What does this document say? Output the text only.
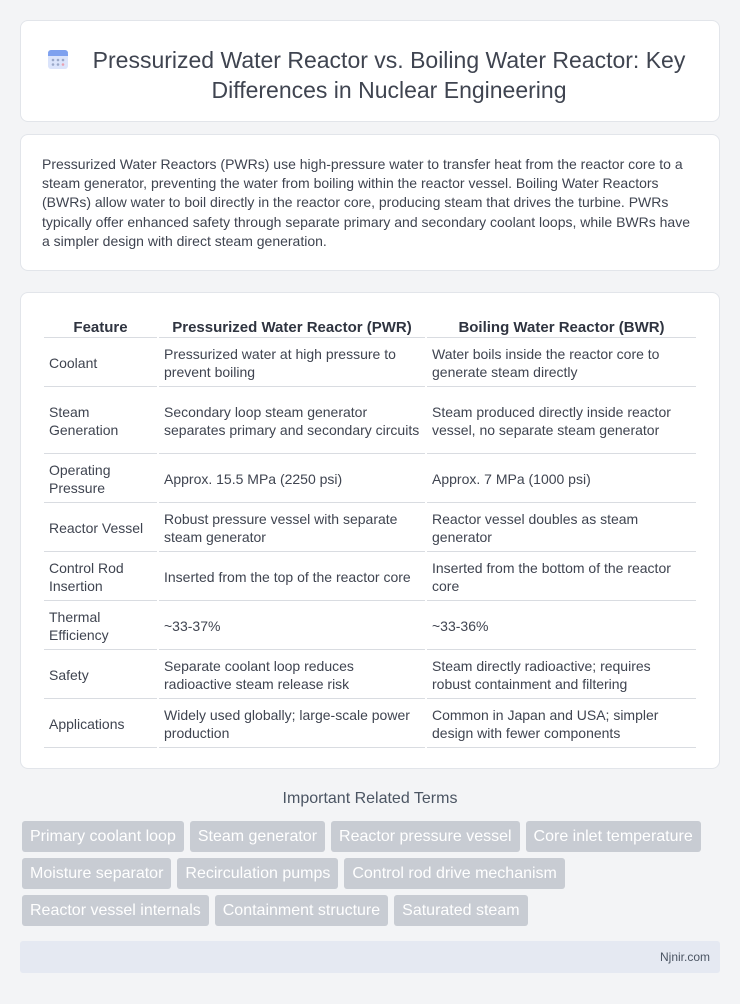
Pressurized Water Reactor vs. Boiling Water Reactor: Key Differences in Nuclear Engineering

Pressurized Water Reactors (PWRs) use high-pressure water to transfer heat from the reactor core to a steam generator, preventing the water from boiling within the reactor vessel. Boiling Water Reactors (BWRs) allow water to boil directly in the reactor core, producing steam that drives the turbine. PWRs typically offer enhanced safety through separate primary and secondary coolant loops, while BWRs have a simpler design with direct steam generation.

Feature	Pressurized Water Reactor (PWR)	Boiling Water Reactor (BWR)
Coolant	Pressurized water at high pressure to prevent boiling	Water boils inside the reactor core to generate steam directly
Steam Generation	Secondary loop steam generator separates primary and secondary circuits	Steam produced directly inside reactor vessel, no separate steam generator
Operating Pressure	Approx. 15.5 MPa (2250 psi)	Approx. 7 MPa (1000 psi)
Reactor Vessel	Robust pressure vessel with separate steam generator	Reactor vessel doubles as steam generator
Control Rod Insertion	Inserted from the top of the reactor core	Inserted from the bottom of the reactor core
Thermal Efficiency	~33-37%	~33-36%
Safety	Separate coolant loop reduces radioactive steam release risk	Steam directly radioactive; requires robust containment and filtering
Applications	Widely used globally; large-scale power production	Common in Japan and USA; simpler design with fewer components
Important Related Terms
Primary coolant loop	Steam generator	Reactor pressure vessel	Core inlet temperature
Moisture separator	Recirculation pumps	Control rod drive mechanism
Reactor vessel internals	Containment structure	Saturated steam
Njnir.com
